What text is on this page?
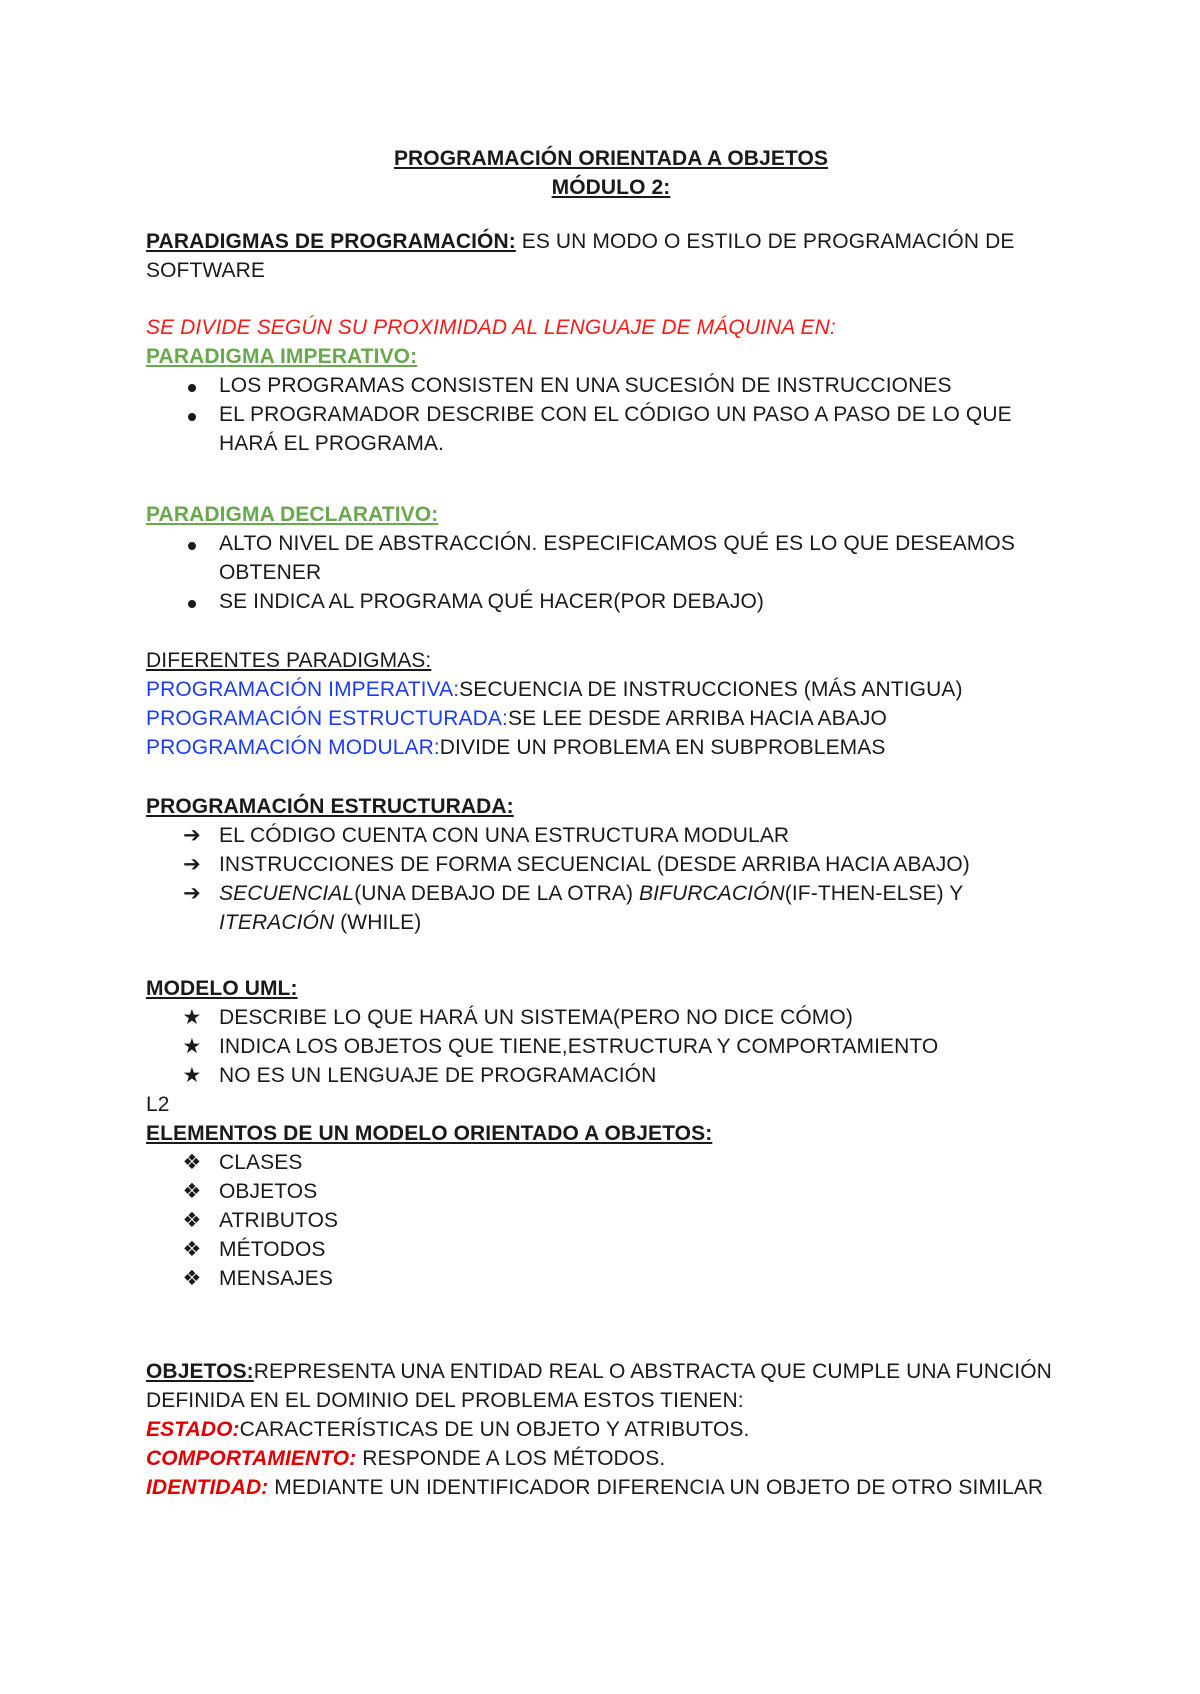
PROGRAMACIÓN ORIENTADA A OBJETOS
MÓDULO 2:
PARADIGMAS DE PROGRAMACIÓN: ES UN MODO O ESTILO DE PROGRAMACIÓN DE SOFTWARE
SE DIVIDE SEGÚN SU PROXIMIDAD AL LENGUAJE DE MÁQUINA EN:
PARADIGMA IMPERATIVO:
LOS PROGRAMAS CONSISTEN EN UNA SUCESIÓN DE INSTRUCCIONES
EL PROGRAMADOR DESCRIBE CON EL CÓDIGO UN PASO A PASO DE LO QUE HARÁ EL PROGRAMA.
PARADIGMA DECLARATIVO:
ALTO NIVEL DE ABSTRACCIÓN. ESPECIFICAMOS QUÉ ES LO QUE DESEAMOS OBTENER
SE INDICA AL PROGRAMA QUÉ HACER(POR DEBAJO)
DIFERENTES PARADIGMAS:
PROGRAMACIÓN IMPERATIVA:SECUENCIA DE INSTRUCCIONES (MÁS ANTIGUA)
PROGRAMACIÓN ESTRUCTURADA:SE LEE DESDE ARRIBA HACIA ABAJO
PROGRAMACIÓN MODULAR:DIVIDE UN PROBLEMA EN SUBPROBLEMAS
PROGRAMACIÓN ESTRUCTURADA:
➔ EL CÓDIGO CUENTA CON UNA ESTRUCTURA MODULAR
➔ INSTRUCCIONES DE FORMA SECUENCIAL (DESDE ARRIBA HACIA ABAJO)
➔ SECUENCIAL(UNA DEBAJO DE LA OTRA) BIFURCACIÓN(IF-THEN-ELSE) Y ITERACIÓN (WHILE)
MODELO UML:
★ DESCRIBE LO QUE HARÁ UN SISTEMA(PERO NO DICE CÓMO)
★ INDICA LOS OBJETOS QUE TIENE,ESTRUCTURA Y COMPORTAMIENTO
★ NO ES UN LENGUAJE DE PROGRAMACIÓN
L2
ELEMENTOS DE UN MODELO ORIENTADO A OBJETOS:
❖ CLASES
❖ OBJETOS
❖ ATRIBUTOS
❖ MÉTODOS
❖ MENSAJES
OBJETOS:REPRESENTA UNA ENTIDAD REAL O ABSTRACTA QUE CUMPLE UNA FUNCIÓN DEFINIDA EN EL DOMINIO DEL PROBLEMA ESTOS TIENEN:
ESTADO:CARACTERÍSTICAS DE UN OBJETO Y ATRIBUTOS.
COMPORTAMIENTO: RESPONDE A LOS MÉTODOS.
IDENTIDAD: MEDIANTE UN IDENTIFICADOR DIFERENCIA UN OBJETO DE OTRO SIMILAR
